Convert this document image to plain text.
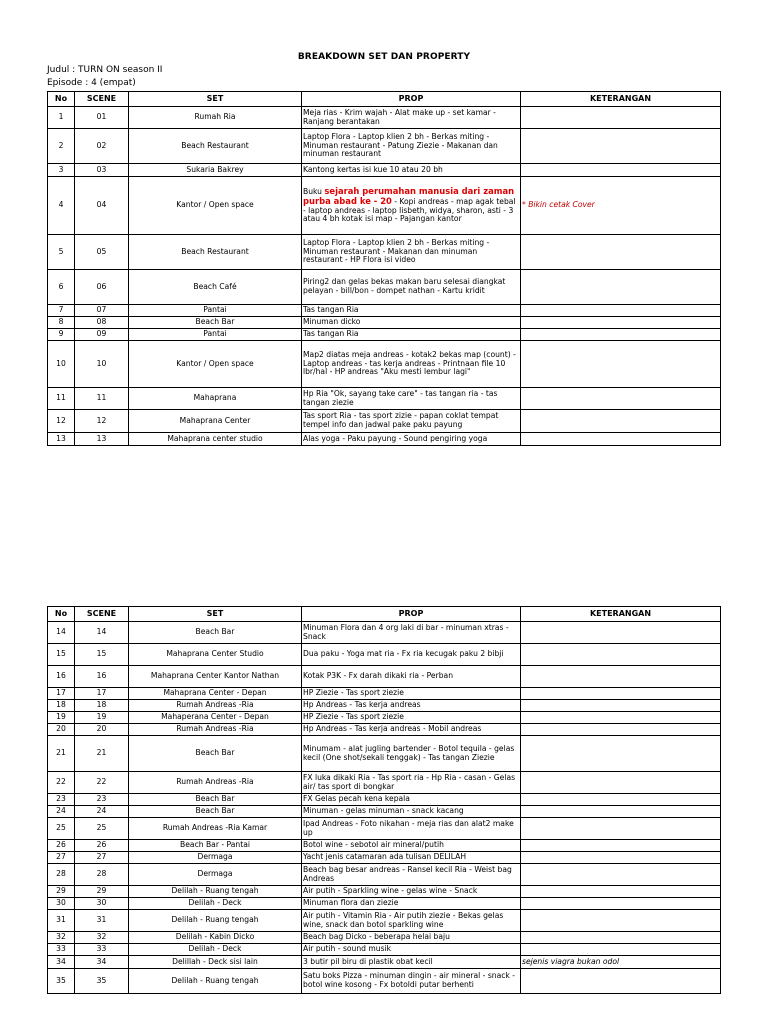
BREAKDOWN SET DAN PROPERTY
Judul : TURN ON season II
Episode : 4 (empat)
No	SCENE	SET	PROP	KETERANGAN
1	01	Rumah Ria	Meja rias - Krim wajah - Alat make up - set kamar - Ranjang berantakan	
2	02	Beach Restaurant	Laptop Flora - Laptop klien 2 bh - Berkas miting - Minuman restaurant - Patung Ziezie - Makanan dan minuman restaurant	
3	03	Sukaria Bakrey	Kantong kertas isi kue 10 atau 20 bh	
4	04	Kantor / Open space	Buku sejarah perumahan manusia dari zaman purba abad ke - 20 - Kopi andreas - map agak tebal - laptop andreas - laptop lisbeth, widya, sharon, asti - 3 atau 4 bh kotak isi map - Pajangan kantor	* Bikin cetak Cover
5	05	Beach Restaurant	Laptop Flora - Laptop klien 2 bh - Berkas miting - Minuman restaurant - Makanan dan minuman restaurant - HP Flora isi video	
6	06	Beach Café	Piring2 dan gelas bekas makan baru selesai diangkat pelayan - bill/bon - dompet nathan - Kartu kridit	
7	07	Pantai	Tas tangan Ria	
8	08	Beach Bar	Minuman dicko	
9	09	Pantai	Tas tangan Ria	
10	10	Kantor / Open space	Map2 diatas meja andreas - kotak2 bekas map (count) - Laptop andreas - tas kerja andreas - Printnaan file 10 lbr/hal - HP andreas "Aku mesti lembur lagi"	
11	11	Mahaprana	Hp Ria "Ok, sayang take care" - tas tangan ria - tas tangan ziezie	
12	12	Mahaprana Center	Tas sport Ria - tas sport zizie - papan coklat tempat tempel info dan jadwal pake paku payung	
13	13	Mahaprana center studio	Alas yoga - Paku payung - Sound pengiring yoga	
No	SCENE	SET	PROP	KETERANGAN
14	14	Beach Bar	Minuman Flora dan 4 org laki di bar - minuman xtras - Snack	
15	15	Mahaprana Center Studio	Dua paku - Yoga mat ria - Fx ria kecugak paku 2 bibji	
16	16	Mahaprana Center Kantor Nathan	Kotak P3K - Fx darah dikaki ria - Perban	
17	17	Mahaprana Center - Depan	HP Ziezie - Tas sport ziezie	
18	18	Rumah Andreas -Ria	Hp Andreas - Tas kerja andreas	
19	19	Mahaperana Center - Depan	HP Ziezie - Tas sport ziezie	
20	20	Rumah Andreas -Ria	Hp Andreas - Tas kerja andreas - Mobil andreas	
21	21	Beach Bar	Minumam - alat jugling bartender - Botol tequila - gelas kecil (One shot/sekali tenggak) - Tas tangan Ziezie	
22	22	Rumah Andreas -Ria	FX luka dikaki Ria - Tas sport ria - Hp Ria - casan - Gelas air/ tas sport di bongkar	
23	23	Beach Bar	FX Gelas pecah kena kepala	
24	24	Beach Bar	Minuman - gelas minuman - snack kacang	
25	25	Rumah Andreas -Ria Kamar	Ipad Andreas - Foto nikahan - meja rias dan alat2 make up	
26	26	Beach Bar - Pantai	Botol wine - sebotol air mineral/putih	
27	27	Dermaga	Yacht jenis catamaran ada tulisan DELILAH	
28	28	Dermaga	Beach bag besar andreas - Ransel kecil Ria - Weist bag Andreas	
29	29	Delilah - Ruang tengah	Air putih - Sparkling wine - gelas wine - Snack	
30	30	Delilah - Deck	Minuman flora dan ziezie	
31	31	Delilah - Ruang tengah	Air putih - Vitamin Ria - Air putih ziezie - Bekas gelas wine, snack dan botol sparkling wine	
32	32	Delilah - Kabin Dicko	Beach bag Dicko - beberapa helai baju	
33	33	Delilah - Deck	Air putih - sound musik	
34	34	Delillah - Deck sisi lain	3 butir pil biru di plastik obat kecil	sejenis viagra bukan odol
35	35	Delilah - Ruang tengah	Satu boks Pizza - minuman dingin - air mineral - snack - botol wine kosong - Fx botoldi putar berhenti	
